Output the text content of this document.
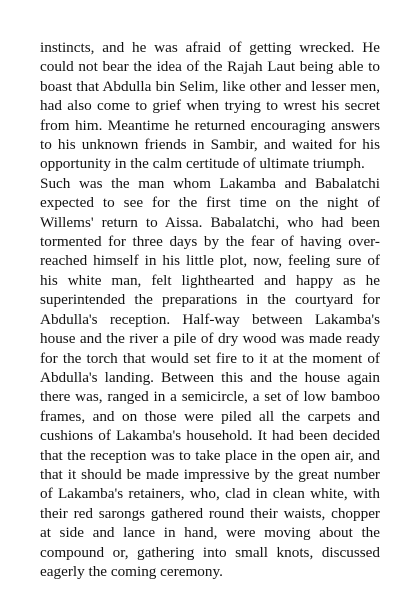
instincts, and he was afraid of getting wrecked. He could not bear the idea of the Rajah Laut being able to boast that Abdulla bin Selim, like other and lesser men, had also come to grief when trying to wrest his secret from him. Meantime he returned encouraging answers to his unknown friends in Sambir, and waited for his opportunity in the calm certitude of ultimate triumph.

Such was the man whom Lakamba and Babalatchi expected to see for the first time on the night of Willems' return to Aissa. Babalatchi, who had been tormented for three days by the fear of having over-reached himself in his little plot, now, feeling sure of his white man, felt lighthearted and happy as he superintended the preparations in the courtyard for Abdulla's reception. Half-way between Lakamba's house and the river a pile of dry wood was made ready for the torch that would set fire to it at the moment of Abdulla's landing. Between this and the house again there was, ranged in a semicircle, a set of low bamboo frames, and on those were piled all the carpets and cushions of Lakamba's household. It had been decided that the reception was to take place in the open air, and that it should be made impressive by the great number of Lakamba's retainers, who, clad in clean white, with their red sarongs gathered round their waists, chopper at side and lance in hand, were moving about the compound or, gathering into small knots, discussed eagerly the coming ceremony.
